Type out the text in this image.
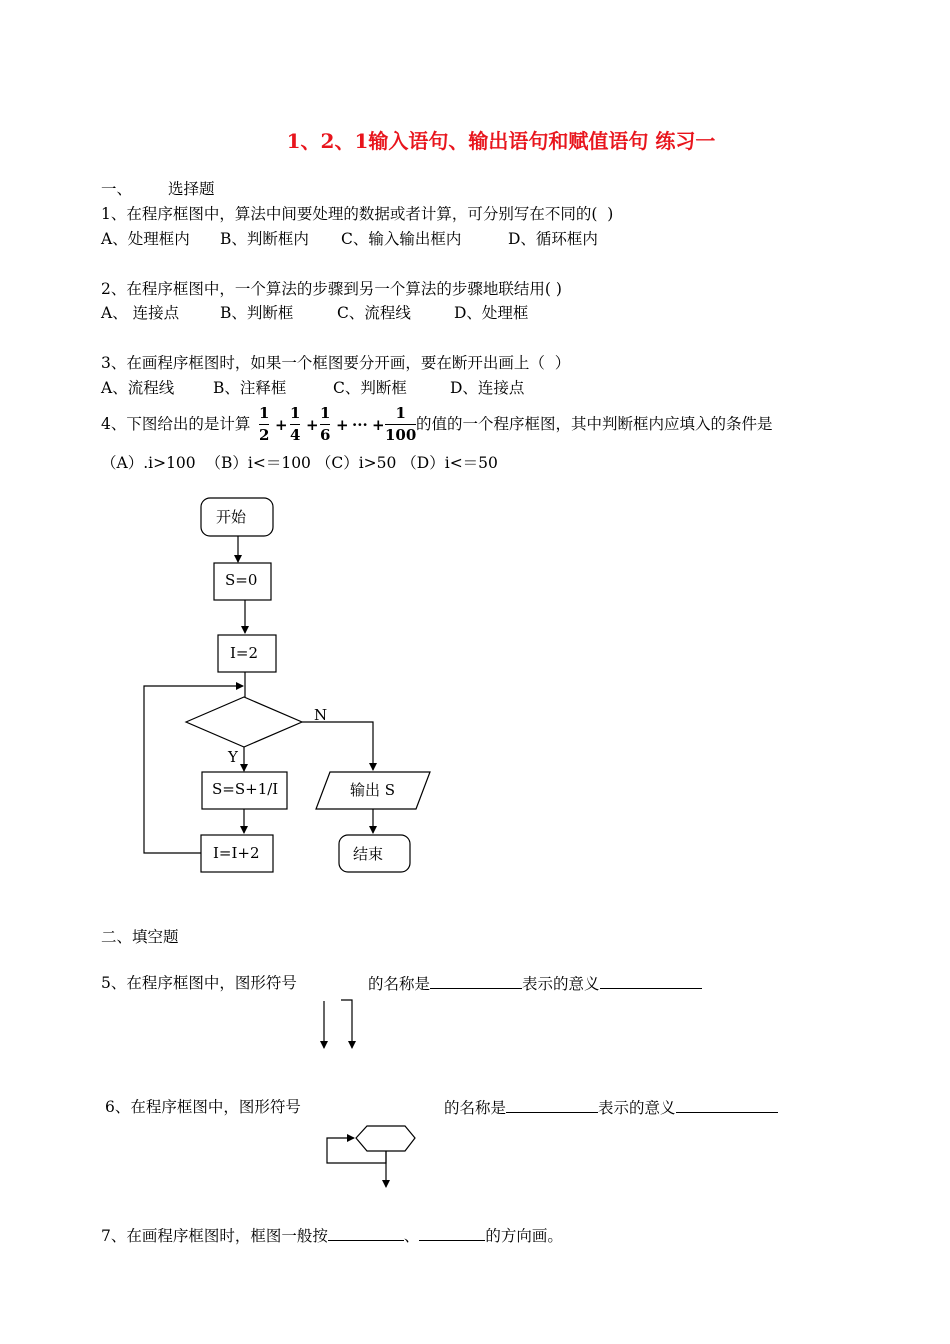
1、2、1输入语句、输出语句和赋值语句 练习一
一、 选择题
1、在程序框图中，算法中间要处理的数据或者计算，可分别写在不同的(  )
A、处理框内 B、判断框内 C、输入输出框内	D、循环框内
2、在程序框图中，一个算法的步骤到另一个算法的步骤地联结用( )
A、 连接点	B、判断框	C、流程线	D、处理框
3、在画程序框图时，如果一个框图要分开画，要在断开出画上（  ）
A、流程线	B、注释框	C、判断框	D、连接点
4、下图给出的是计算
1
2
+
1
4
+
1
6
+ ··· +
1
100
的值的一个程序框图，其中判断框内应填入的条件是
（A）.i>100  （B）i<＝100 （C）i>50 （D）i<＝50
开始
S=0
I=2
N
Y
S=S+1/I
I=I+2
输出 S
结束
二、填空题
5、在程序框图中，图形符号	的名称是	表示的意义
6、在程序框图中，图形符号	的名称是	表示的意义
7、在画程序框图时，框图一般按	、	的方向画。
